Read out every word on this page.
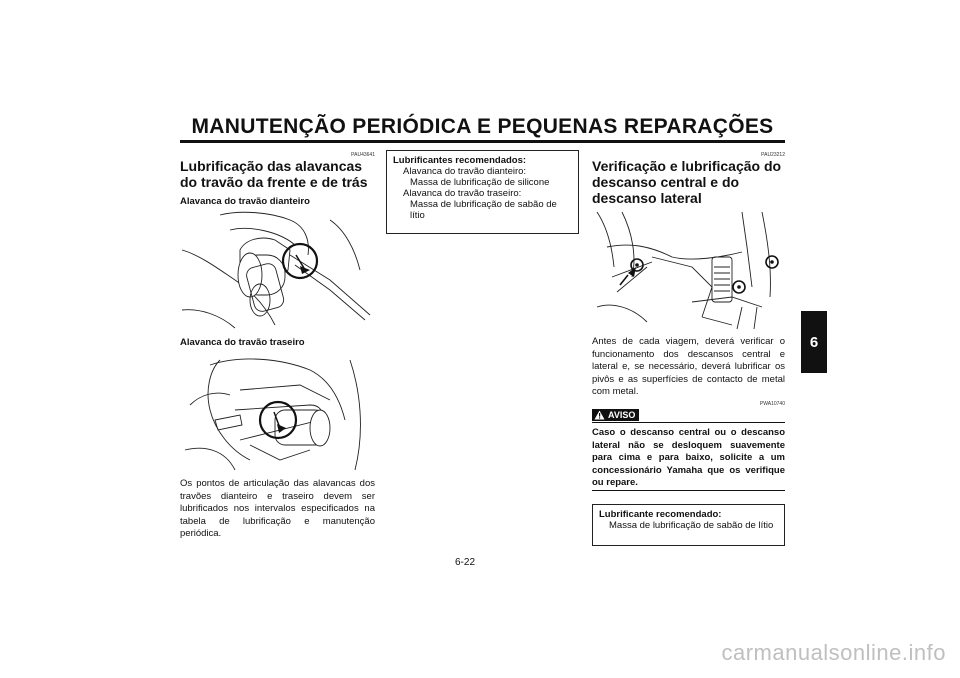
MANUTENÇÃO PERIÓDICA E PEQUENAS REPARAÇÕES
6
PAU43641
Lubrificação das alavancas do travão da frente e de trás
Alavanca do travão dianteiro
Alavanca do travão traseiro
Os pontos de articulação das alavancas dos travões dianteiro e traseiro devem ser lubrificados nos intervalos especificados na tabela de lubrificação e manutenção periódica.
Lubrificantes recomendados:
Alavanca do travão dianteiro:
Massa de lubrificação de silicone
Alavanca do travão traseiro:
Massa de lubrificação de sabão de lítio
PAU23212
Verificação e lubrificação do descanso central e do descanso lateral
Antes de cada viagem, deverá verificar o funcionamento dos descansos central e lateral e, se necessário, deverá lubrificar os pivôs e as superfícies de contacto de metal com metal.
PWA10740
AVISO
Caso o descanso central ou o descanso lateral não se desloquem suavemente para cima e para baixo, solicite a um concessionário Yamaha que os verifique ou repare.
Lubrificante recomendado:
Massa de lubrificação de sabão de lítio
6-22
carmanualsonline.info
